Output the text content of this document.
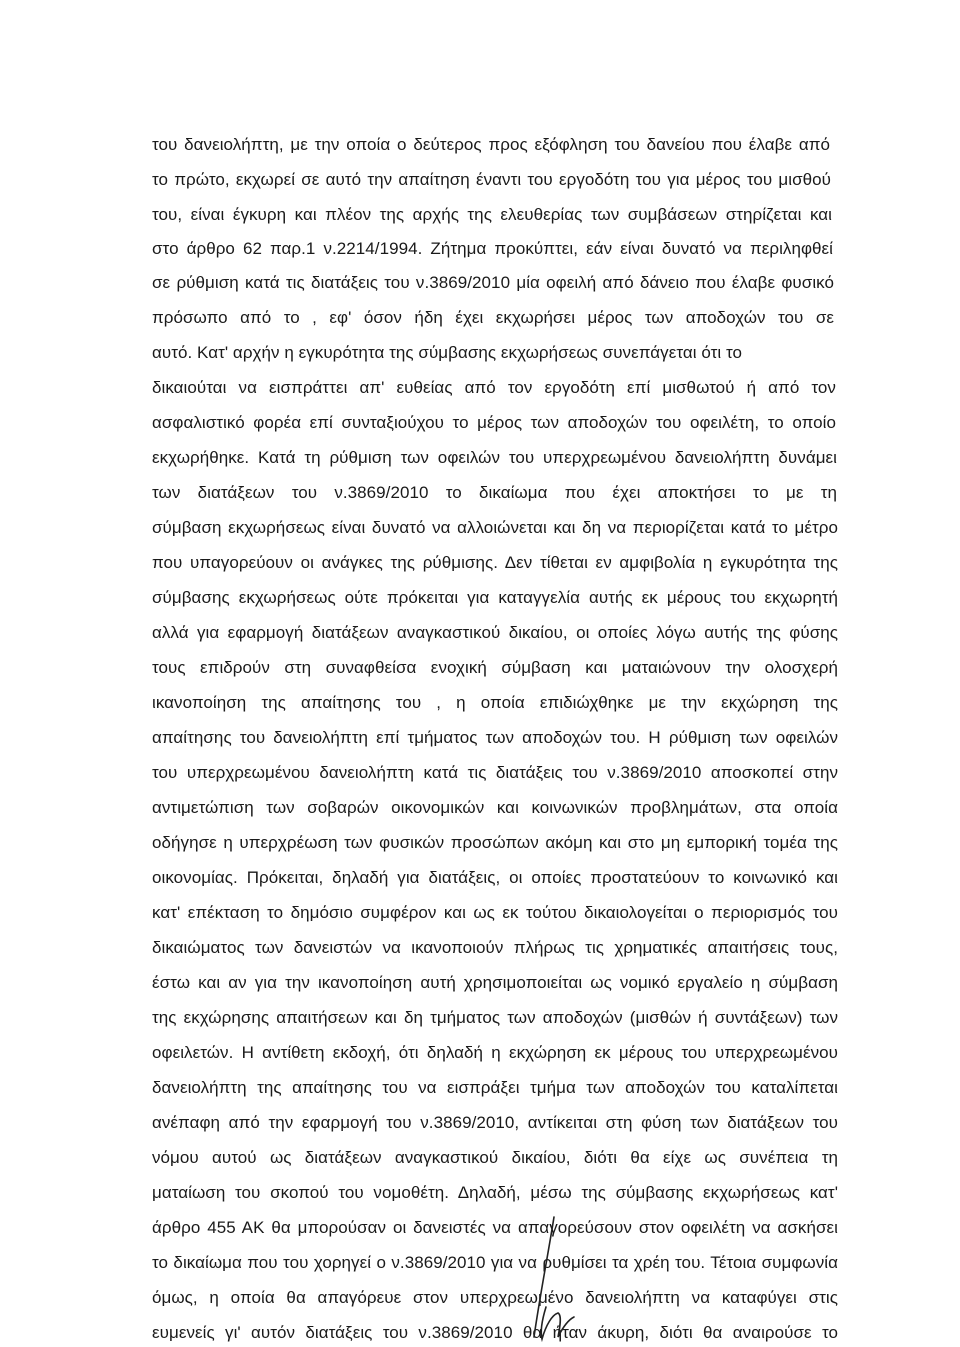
του δανειολήπτη, με την οποία ο δεύτερος προς εξόφληση του δανείου που έλαβε από
το πρώτο, εκχωρεί σε αυτό την απαίτηση έναντι του εργοδότη του για μέρος του μισθού
του, είναι έγκυρη και πλέον της αρχής της ελευθερίας των συμβάσεων στηρίζεται και
στο άρθρο 62 παρ.1 ν.2214/1994. Ζήτημα προκύπτει, εάν είναι δυνατό να περιληφθεί
σε ρύθμιση κατά τις διατάξεις του ν.3869/2010 μία οφειλή από δάνειο που έλαβε φυσικό
πρόσωπο από το , εφ' όσον ήδη έχει εκχωρήσει μέρος των αποδοχών του σε
αυτό. Κατ' αρχήν η εγκυρότητα της σύμβασης εκχωρήσεως συνεπάγεται ότι το
δικαιούται να εισπράττει απ' ευθείας από τον εργοδότη επί μισθωτού ή από τον
ασφαλιστικό φορέα επί συνταξιούχου το μέρος των αποδοχών του οφειλέτη, το οποίο
εκχωρήθηκε. Κατά τη ρύθμιση των οφειλών του υπερχρεωμένου δανειολήπτη δυνάμει
των διατάξεων του ν.3869/2010 το δικαίωμα που έχει αποκτήσει το με τη
σύμβαση εκχωρήσεως είναι δυνατό να αλλοιώνεται και δη να περιορίζεται κατά το μέτρο
που υπαγορεύουν οι ανάγκες της ρύθμισης. Δεν τίθεται εν αμφιβολία η εγκυρότητα της
σύμβασης εκχωρήσεως ούτε πρόκειται για καταγγελία αυτής εκ μέρους του εκχωρητή
αλλά για εφαρμογή διατάξεων αναγκαστικού δικαίου, οι οποίες λόγω αυτής της φύσης
τους επιδρούν στη συναφθείσα ενοχική σύμβαση και ματαιώνουν την ολοσχερή
ικανοποίηση της απαίτησης του , η οποία επιδιώχθηκε με την εκχώρηση της
απαίτησης του δανειολήπτη επί τμήματος των αποδοχών του. Η ρύθμιση των οφειλών
του υπερχρεωμένου δανειολήπτη κατά τις διατάξεις του ν.3869/2010 αποσκοπεί στην
αντιμετώπιση των σοβαρών οικονομικών και κοινωνικών προβλημάτων, στα οποία
οδήγησε η υπερχρέωση των φυσικών προσώπων ακόμη και στο μη εμπορική τομέα της
οικονομίας. Πρόκειται, δηλαδή για διατάξεις, οι οποίες προστατεύουν το κοινωνικό και
κατ' επέκταση το δημόσιο συμφέρον και ως εκ τούτου δικαιολογείται ο περιορισμός του
δικαιώματος των δανειστών να ικανοποιούν πλήρως τις χρηματικές απαιτήσεις τους,
έστω και αν για την ικανοποίηση αυτή χρησιμοποιείται ως νομικό εργαλείο η σύμβαση
της εκχώρησης απαιτήσεων και δη τμήματος των αποδοχών (μισθών ή συντάξεων) των
οφειλετών. Η αντίθετη εκδοχή, ότι δηλαδή η εκχώρηση εκ μέρους του υπερχρεωμένου
δανειολήπτη της απαίτησης του να εισπράξει τμήμα των αποδοχών του καταλίπεται
ανέπαφη από την εφαρμογή του ν.3869/2010, αντίκειται στη φύση των διατάξεων του
νόμου αυτού ως διατάξεων αναγκαστικού δικαίου, διότι θα είχε ως συνέπεια τη
ματαίωση του σκοπού του νομοθέτη. Δηλαδή, μέσω της σύμβασης εκχωρήσεως κατ'
άρθρο 455 ΑΚ θα μπορούσαν οι δανειστές να απαγορεύσουν στον οφειλέτη να ασκήσει
το δικαίωμα που του χορηγεί ο ν.3869/2010 για να ρυθμίσει τα χρέη του. Τέτοια συμφωνία
όμως, η οποία θα απαγόρευε στον υπερχρεωμένο δανειολήπτη να καταφύγει στις
ευμενείς γι' αυτόν διατάξεις του ν.3869/2010 θα ήταν άκυρη, διότι θα αναιρούσε το
